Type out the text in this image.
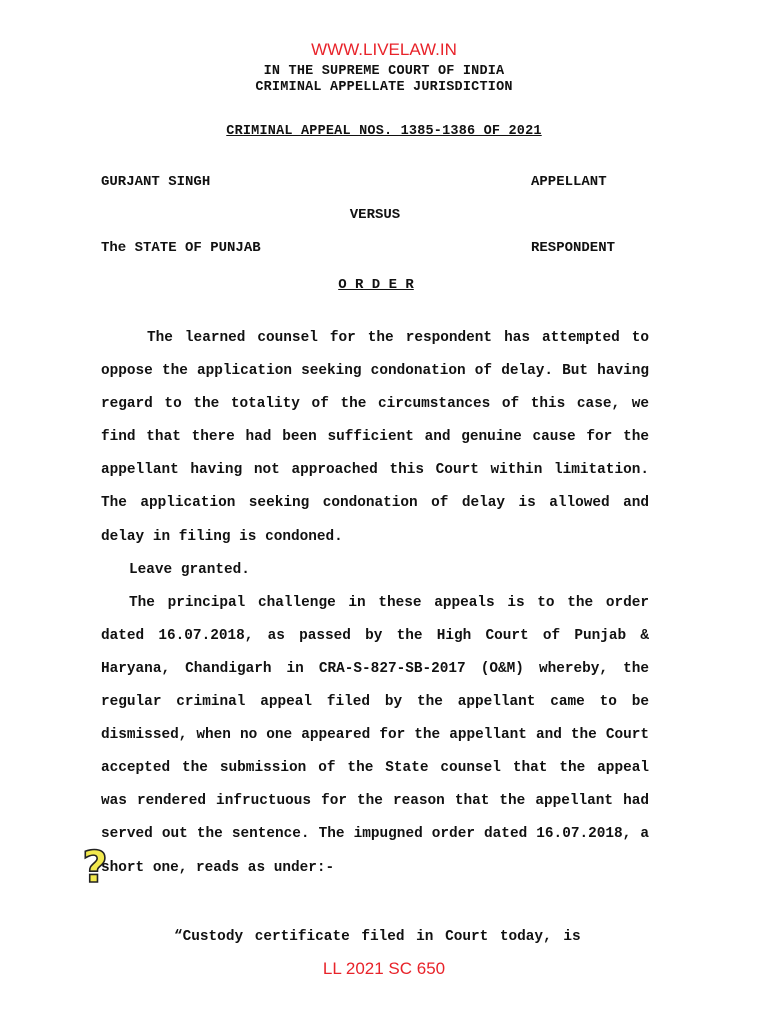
WWW.LIVELAW.IN
IN THE SUPREME COURT OF INDIA
CRIMINAL APPELLATE JURISDICTION
CRIMINAL APPEAL NOS. 1385-1386 OF 2021
GURJANT SINGH	APPELLANT
VERSUS
The STATE OF PUNJAB	RESPONDENT
O R D E R

The learned counsel for the respondent has attempted to oppose the application seeking condonation of delay. But having regard to the totality of the circumstances of this case, we find that there had been sufficient and genuine cause for the appellant having not approached this Court within limitation. The application seeking condonation of delay is allowed and delay in filing is condoned.

Leave granted.

The principal challenge in these appeals is to the order dated 16.07.2018, as passed by the High Court of Punjab & Haryana, Chandigarh in CRA-S-827-SB-2017 (O&M) whereby, the regular criminal appeal filed by the appellant came to be dismissed, when no one appeared for the appellant and the Court accepted the submission of the State counsel that the appeal was rendered infructuous for the reason that the appellant had served out the sentence. The impugned order dated 16.07.2018, a short one, reads as under:-

“Custody certificate filed in Court today, is
?
LL 2021 SC 650
